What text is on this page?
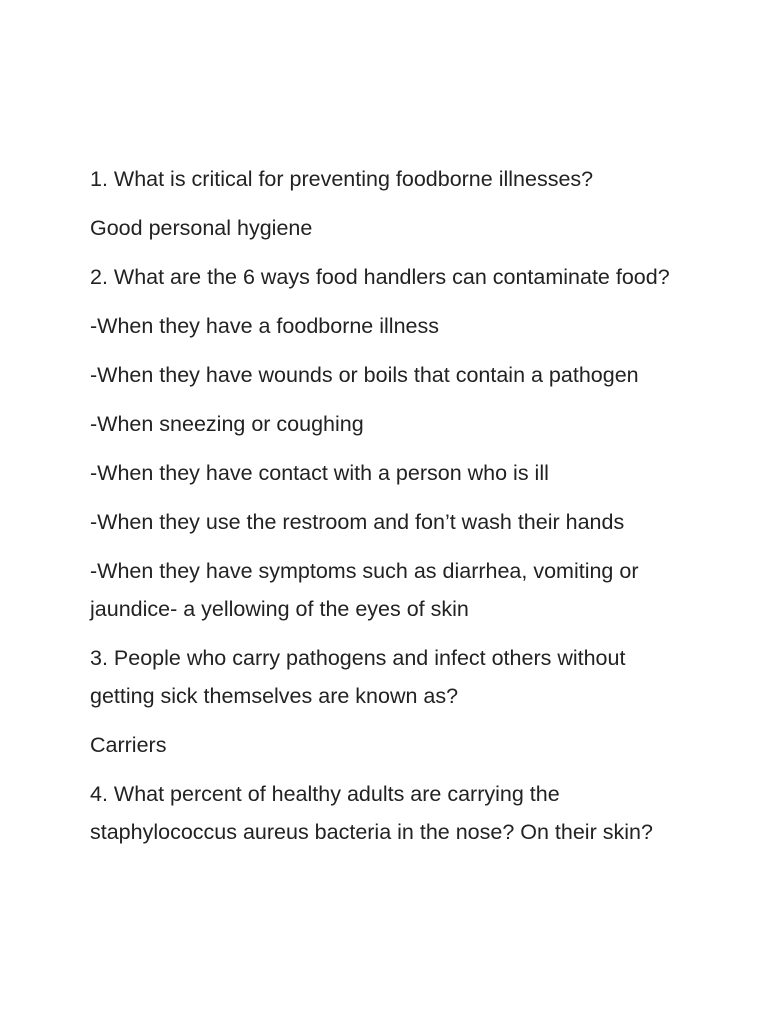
1. What is critical for preventing foodborne illnesses?

Good personal hygiene

2. What are the 6 ways food handlers can contaminate food?

-When they have a foodborne illness

-When they have wounds or boils that contain a pathogen

-When sneezing or coughing

-When they have contact with a person who is ill

-When they use the restroom and fon’t wash their hands

-When they have symptoms such as diarrhea, vomiting or jaundice- a yellowing of the eyes of skin

3. People who carry pathogens and infect others without getting sick themselves are known as?

Carriers

4. What percent of healthy adults are carrying the staphylococcus aureus bacteria in the nose? On their skin?
